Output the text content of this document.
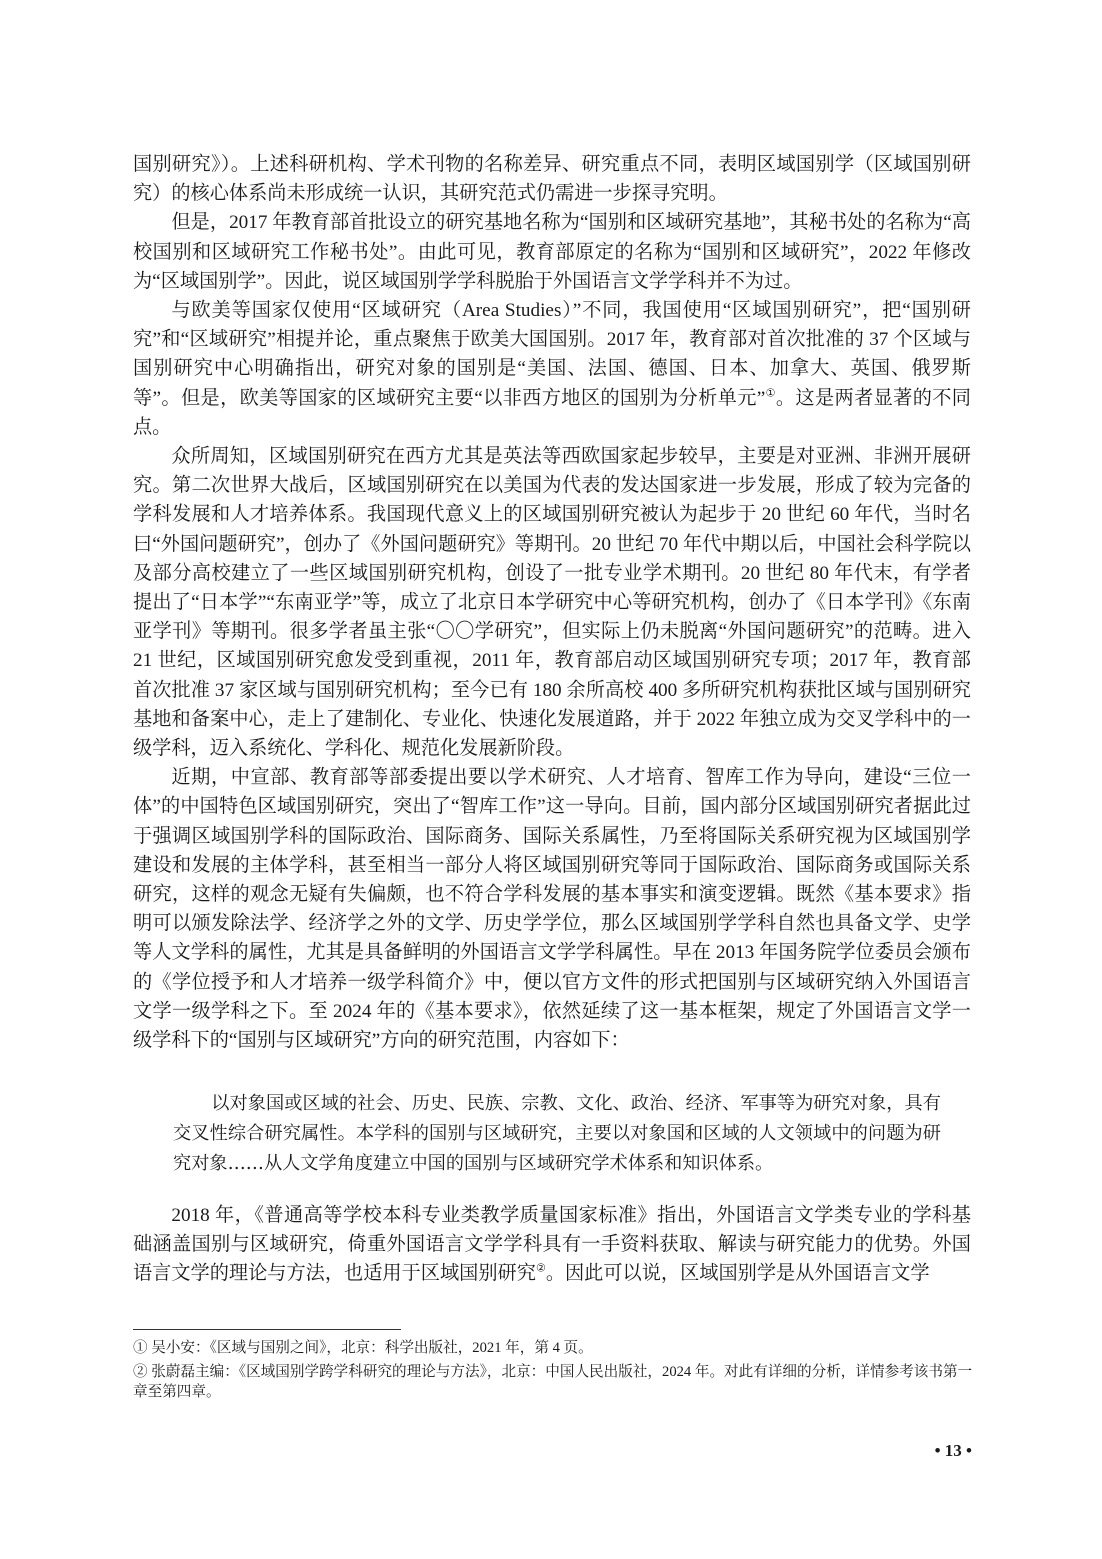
国别研究》）。上述科研机构、学术刊物的名称差异、研究重点不同，表明区域国别学（区域国别研究）的核心体系尚未形成统一认识，其研究范式仍需进一步探寻究明。

但是，2017 年教育部首批设立的研究基地名称为“国别和区域研究基地”，其秘书处的名称为“高校国别和区域研究工作秘书处”。由此可见，教育部原定的名称为“国别和区域研究”，2022 年修改为“区域国别学”。因此，说区域国别学学科脱胎于外国语言文学学科并不为过。

与欧美等国家仅使用“区域研究（Area Studies）”不同，我国使用“区域国别研究”，把“国别研究”和“区域研究”相提并论，重点聚焦于欧美大国国别。2017 年，教育部对首次批准的 37 个区域与国别研究中心明确指出，研究对象的国别是“美国、法国、德国、日本、加拿大、英国、俄罗斯等”。但是，欧美等国家的区域研究主要“以非西方地区的国别为分析单元”①。这是两者显著的不同点。

众所周知，区域国别研究在西方尤其是英法等西欧国家起步较早，主要是对亚洲、非洲开展研究。第二次世界大战后，区域国别研究在以美国为代表的发达国家进一步发展，形成了较为完备的学科发展和人才培养体系。我国现代意义上的区域国别研究被认为起步于 20 世纪 60 年代，当时名曰“外国问题研究”，创办了《外国问题研究》等期刊。20 世纪 70 年代中期以后，中国社会科学院以及部分高校建立了一些区域国别研究机构，创设了一批专业学术期刊。20 世纪 80 年代末，有学者提出了“日本学”“东南亚学”等，成立了北京日本学研究中心等研究机构，创办了《日本学刊》《东南亚学刊》等期刊。很多学者虽主张“〇〇学研究”，但实际上仍未脱离“外国问题研究”的范畴。进入 21 世纪，区域国别研究愈发受到重视，2011 年，教育部启动区域国别研究专项；2017 年，教育部首次批准 37 家区域与国别研究机构；至今已有 180 余所高校 400 多所研究机构获批区域与国别研究基地和备案中心，走上了建制化、专业化、快速化发展道路，并于 2022 年独立成为交叉学科中的一级学科，迈入系统化、学科化、规范化发展新阶段。

近期，中宣部、教育部等部委提出要以学术研究、人才培育、智库工作为导向，建设“三位一体”的中国特色区域国别研究，突出了“智库工作”这一导向。目前，国内部分区域国别研究者据此过于强调区域国别学科的国际政治、国际商务、国际关系属性，乃至将国际关系研究视为区域国别学建设和发展的主体学科，甚至相当一部分人将区域国别研究等同于国际政治、国际商务或国际关系研究，这样的观念无疑有失偏颇，也不符合学科发展的基本事实和演变逻辑。既然《基本要求》指明可以颁发除法学、经济学之外的文学、历史学学位，那么区域国别学学科自然也具备文学、史学等人文学科的属性，尤其是具备鲜明的外国语言文学学科属性。早在 2013 年国务院学位委员会颁布的《学位授予和人才培养一级学科简介》中，便以官方文件的形式把国别与区域研究纳入外国语言文学一级学科之下。至 2024 年的《基本要求》，依然延续了这一基本框架，规定了外国语言文学一级学科下的“国别与区域研究”方向的研究范围，内容如下：

以对象国或区域的社会、历史、民族、宗教、文化、政治、经济、军事等为研究对象，具有交叉性综合研究属性。本学科的国别与区域研究，主要以对象国和区域的人文领域中的问题为研究对象……从人文学角度建立中国的国别与区域研究学术体系和知识体系。

2018 年，《普通高等学校本科专业类教学质量国家标准》指出，外国语言文学类专业的学科基础涵盖国别与区域研究，倚重外国语言文学学科具有一手资料获取、解读与研究能力的优势。外国语言文学的理论与方法，也适用于区域国别研究②。因此可以说，区域国别学是从外国语言文学

① 吴小安：《区域与国别之间》，北京：科学出版社，2021 年，第 4 页。

② 张蔚磊主编：《区域国别学跨学科研究的理论与方法》，北京：中国人民出版社，2024 年。对此有详细的分析，详情参考该书第一章至第四章。

• 13 •
